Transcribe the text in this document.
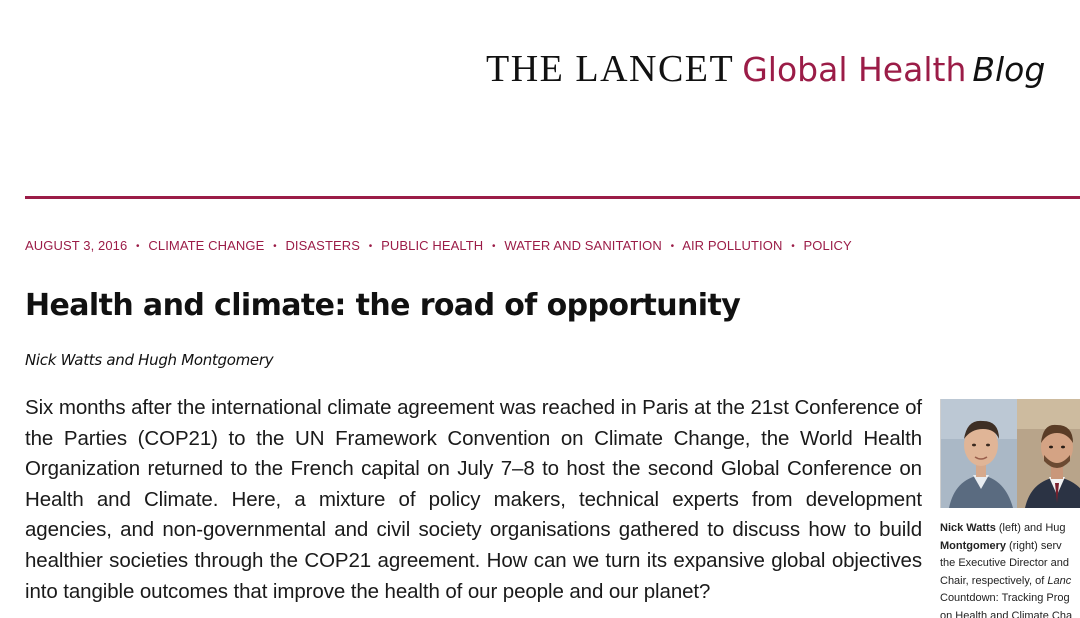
THE LANCET Global Health Blog
AUGUST 3, 2016 • CLIMATE CHANGE • DISASTERS • PUBLIC HEALTH • WATER AND SANITATION • AIR POLLUTION • POLICY
Health and climate: the road of opportunity
Nick Watts and Hugh Montgomery

Six months after the international climate agreement was reached in Paris at the 21st Conference of the Parties (COP21) to the UN Framework Convention on Climate Change, the World Health Organization returned to the French capital on July 7–8 to host the second Global Conference on Health and Climate. Here, a mixture of policy makers, technical experts from development agencies, and non-governmental and civil society organisations gathered to discuss how to build healthier societies through the COP21 agreement. How can we turn its expansive global objectives into tangible outcomes that improve the health of our people and our planet?

Nick Watts (left) and Hug
Montgomery (right) serv
the Executive Director and
Chair, respectively, of Lanc
Countdown: Tracking Prog
on Health and Climate Cha
